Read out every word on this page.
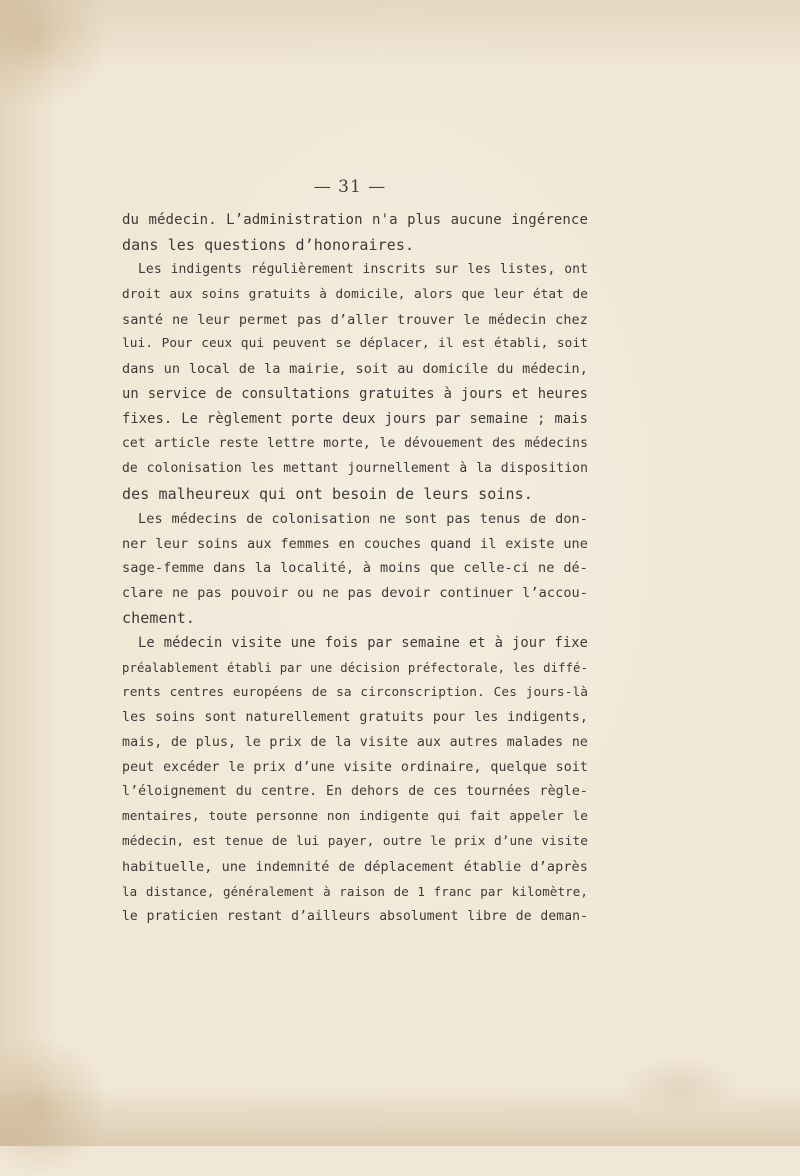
— 31 —
du médecin. L’administration n'a plus aucune ingérence
dans les questions d’honoraires.
Les indigents régulièrement inscrits sur les listes, ont
droit aux soins gratuits à domicile, alors que leur état de
santé ne leur permet pas d’aller trouver le médecin chez
lui. Pour ceux qui peuvent se déplacer, il est établi, soit
dans un local de la mairie, soit au domicile du médecin,
un service de consultations gratuites à jours et heures
fixes. Le règlement porte deux jours par semaine ; mais
cet article reste lettre morte, le dévouement des médecins
de colonisation les mettant journellement à la disposition
des malheureux qui ont besoin de leurs soins.
Les médecins de colonisation ne sont pas tenus de don-
ner leur soins aux femmes en couches quand il existe une
sage-femme dans la localité, à moins que celle-ci ne dé-
clare ne pas pouvoir ou ne pas devoir continuer l’accou-
chement.
Le médecin visite une fois par semaine et à jour fixe
préalablement établi par une décision préfectorale, les diffé-
rents centres européens de sa circonscription. Ces jours-là
les soins sont naturellement gratuits pour les indigents,
mais, de plus, le prix de la visite aux autres malades ne
peut excéder le prix d’une visite ordinaire, quelque soit
l’éloignement du centre. En dehors de ces tournées règle-
mentaires, toute personne non indigente qui fait appeler le
médecin, est tenue de lui payer, outre le prix d’une visite
habituelle, une indemnité de déplacement établie d’après
la distance, généralement à raison de 1 franc par kilomètre,
le praticien restant d’ailleurs absolument libre de deman-
